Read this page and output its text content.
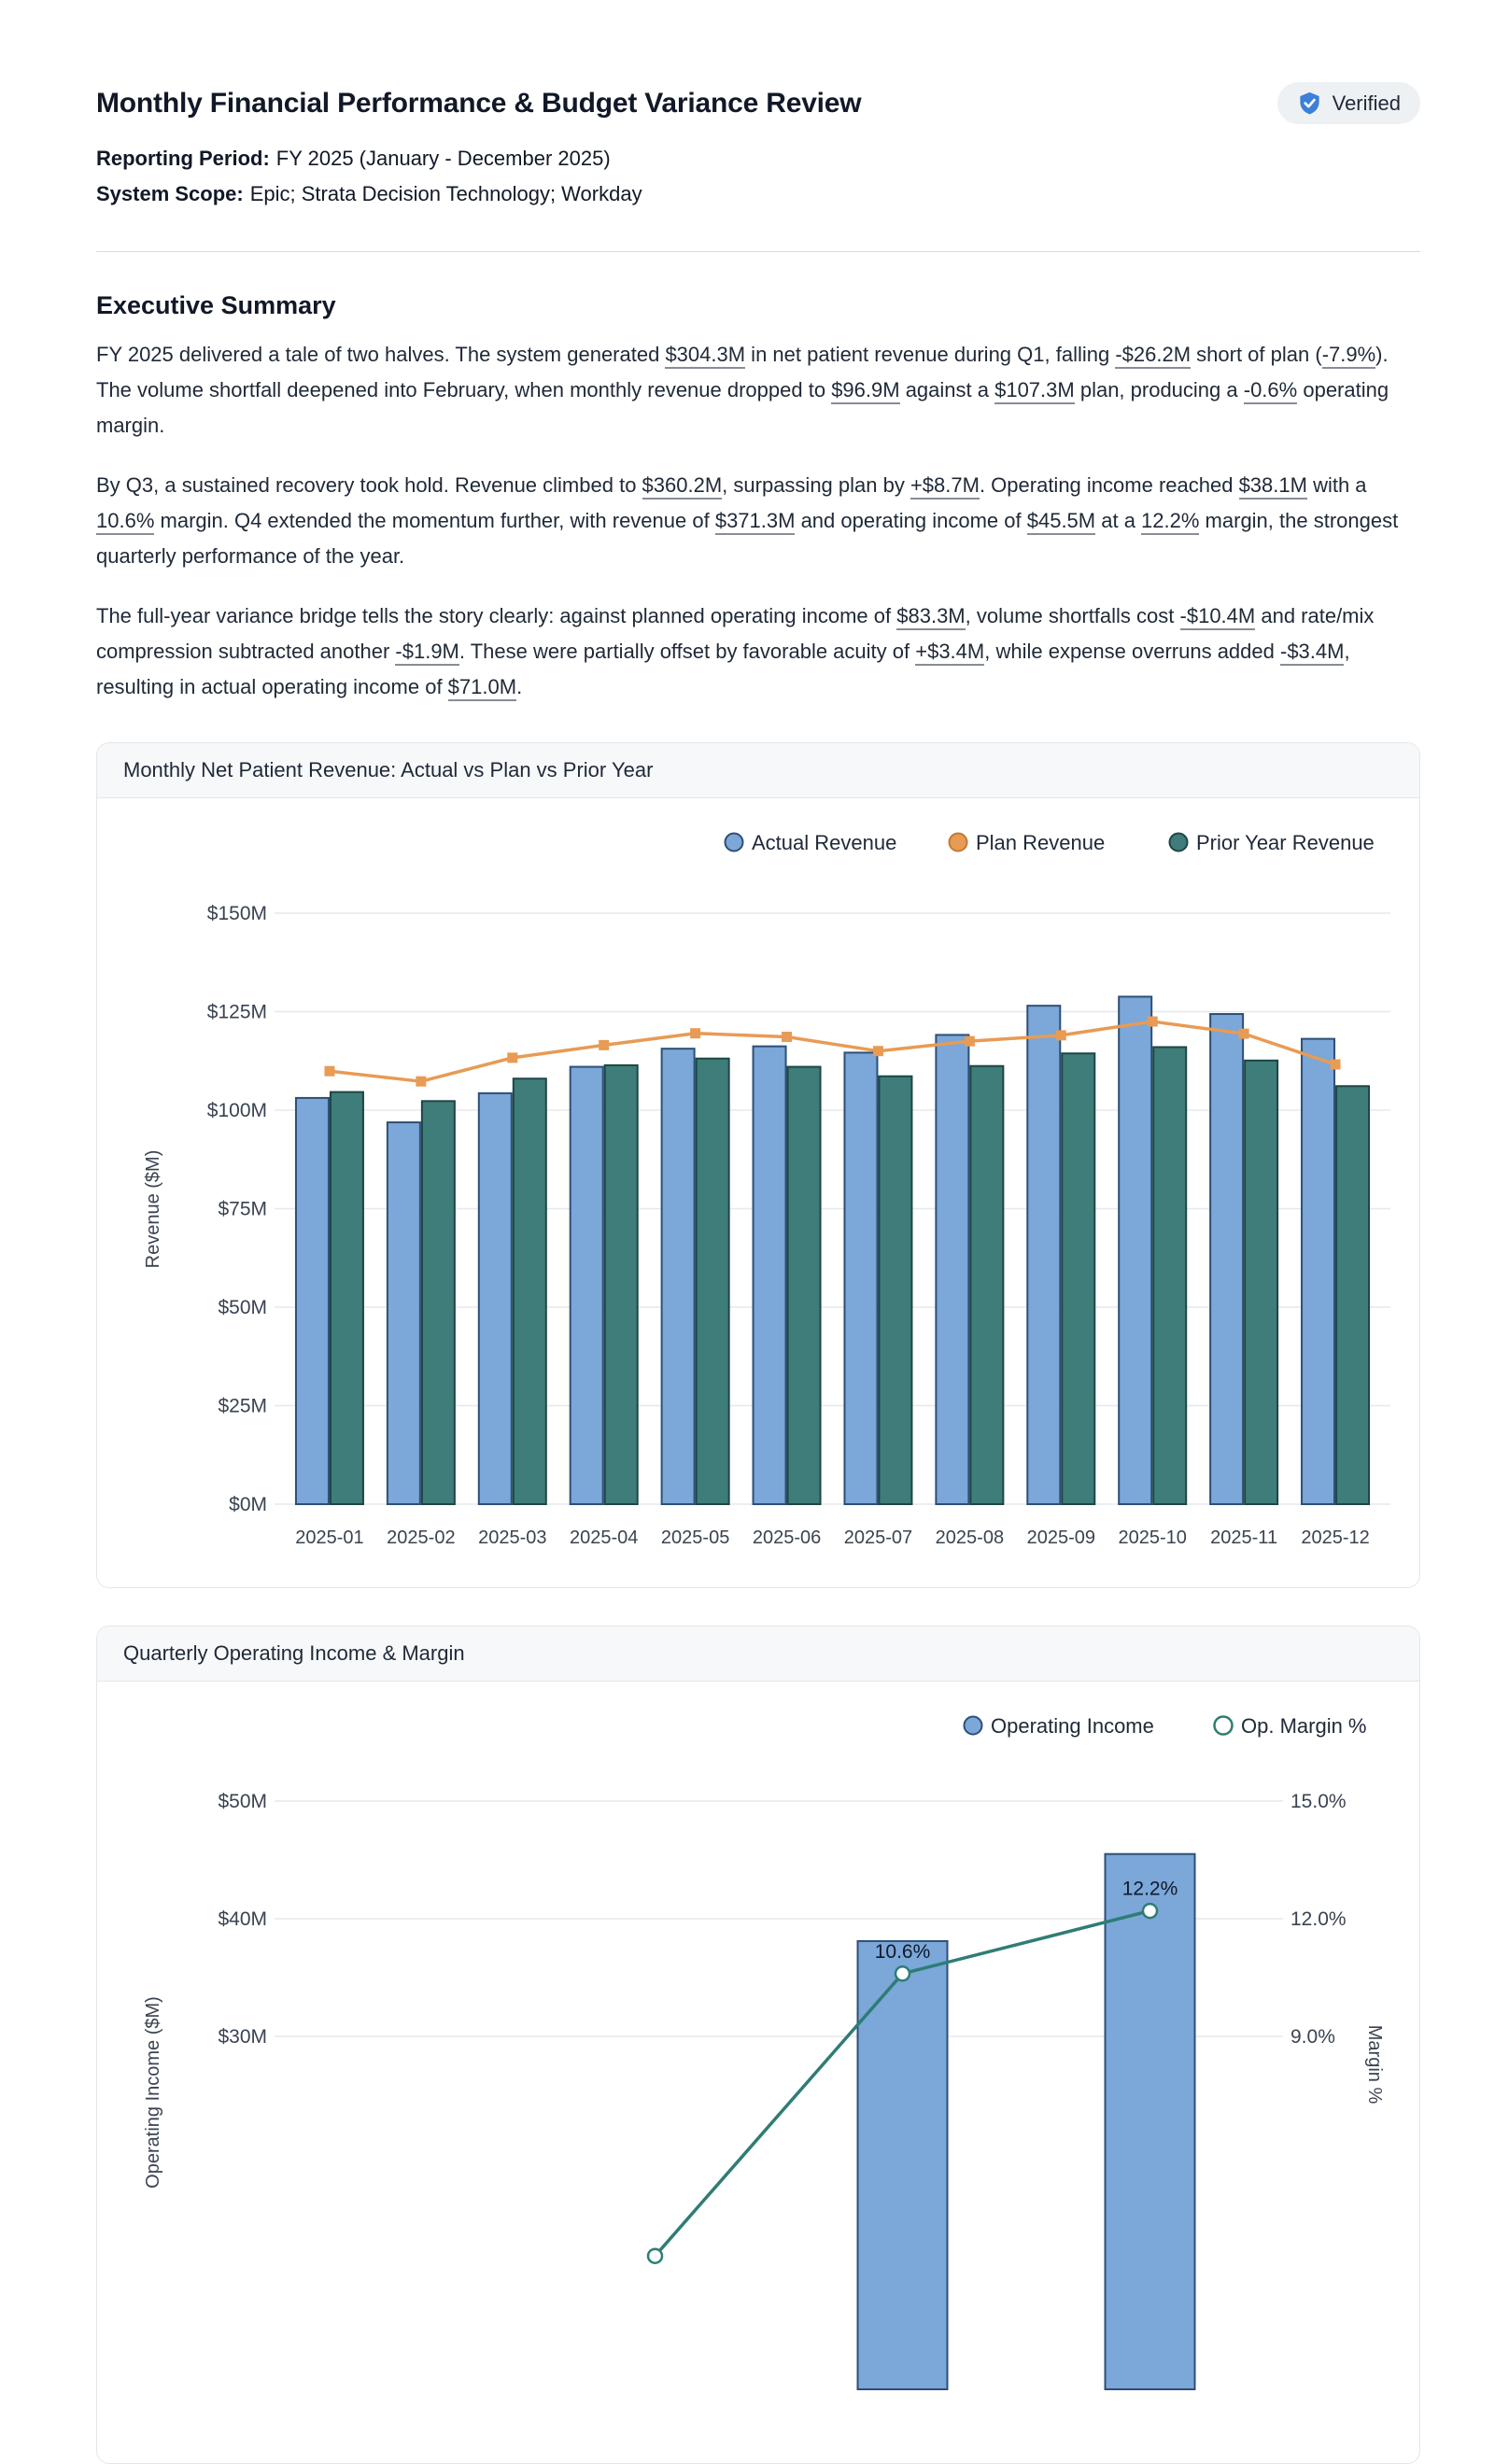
Monthly Financial Performance & Budget Variance Review	Verified
Reporting Period: FY 2025 (January - December 2025)
System Scope: Epic; Strata Decision Technology; Workday
Executive Summary

FY 2025 delivered a tale of two halves. The system generated $304.3M in net patient revenue during Q1, falling -$26.2M short of plan (-7.9%). The volume shortfall deepened into February, when monthly revenue dropped to $96.9M against a $107.3M plan, producing a -0.6% operating margin.

By Q3, a sustained recovery took hold. Revenue climbed to $360.2M, surpassing plan by +$8.7M. Operating income reached $38.1M with a 10.6% margin. Q4 extended the momentum further, with revenue of $371.3M and operating income of $45.5M at a 12.2% margin, the strongest quarterly performance of the year.

The full-year variance bridge tells the story clearly: against planned operating income of $83.3M, volume shortfalls cost -$10.4M and rate/mix compression subtracted another -$1.9M. These were partially offset by favorable acuity of +$3.4M, while expense overruns added -$3.4M, resulting in actual operating income of $71.0M.

Monthly Net Patient Revenue: Actual vs Plan vs Prior Year
$0M
$25M
$50M
$75M
$100M
$125M
$150M
2025-01 2025-02 2025-03 2025-04 2025-05 2025-06 2025-07 2025-08 2025-09 2025-10 2025-11 2025-12
Actual Revenue	Plan Revenue	Prior Year Revenue
Revenue ($M)
Quarterly Operating Income & Margin
$30M
$40M
$50M
9.0%
12.0%
15.0%
10.6%
12.2%
Operating Income	Op. Margin %
Operating Income ($M)	Margin %
